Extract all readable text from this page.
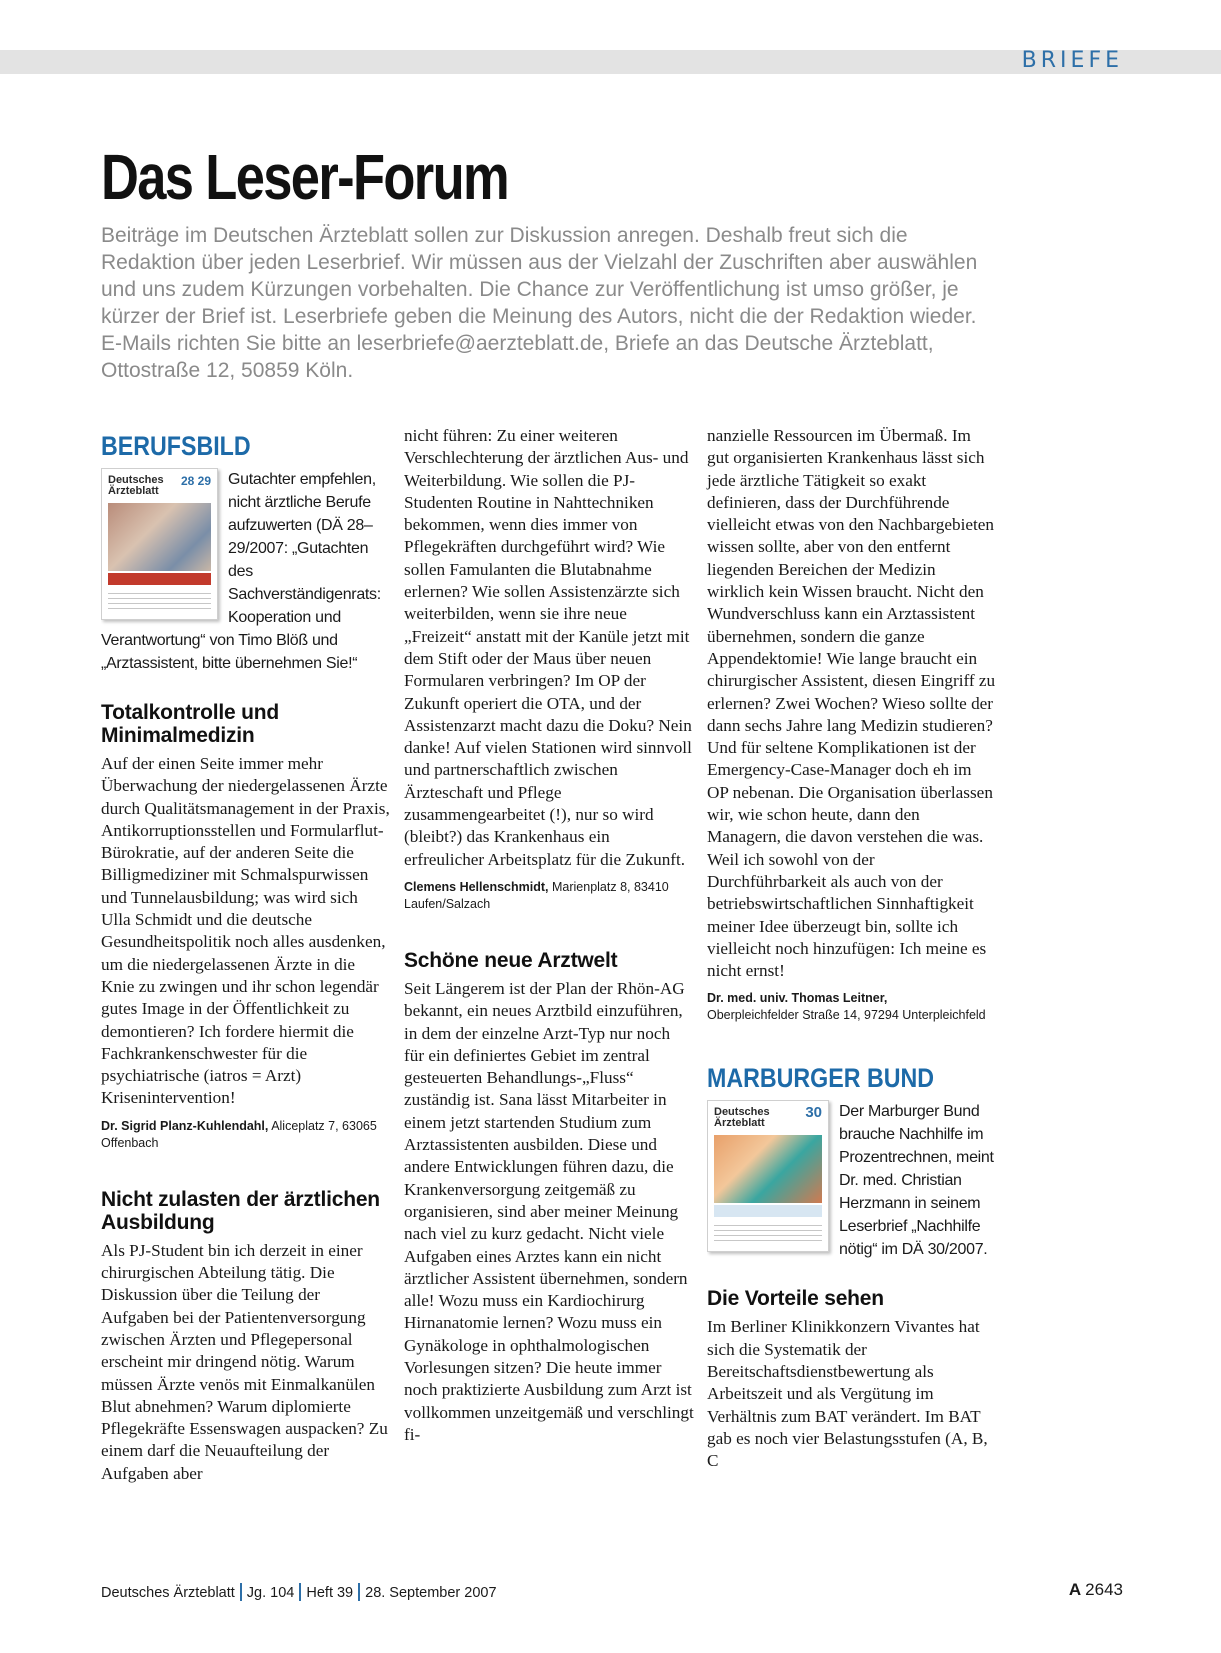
BRIEFE
Das Leser-Forum

Beiträge im Deutschen Ärzteblatt sollen zur Diskussion anregen. Deshalb freut sich die Redaktion über jeden Leserbrief. Wir müssen aus der Vielzahl der Zuschriften aber auswählen und uns zudem Kürzungen vorbehalten. Die Chance zur Veröffentlichung ist umso größer, je kürzer der Brief ist. Leserbriefe geben die Meinung des Autors, nicht die der Redaktion wieder. E-Mails richten Sie bitte an leserbriefe@aerzteblatt.de, Briefe an das Deutsche Ärzteblatt, Ottostraße 12, 50859 Köln.

BERUFSBILD
Deutsches Ärzteblatt
28 29	Gutachter empfehlen, nicht ärztliche Berufe aufzuwerten (DÄ 28–29/2007: „Gutachten des Sachverständigenrats: Kooperation und Verantwortung“ von Timo Blöß und „Arztassistent, bitte übernehmen Sie!“

Totalkontrolle und Minimalmedizin

Auf der einen Seite immer mehr Überwachung der niedergelassenen Ärzte durch Qualitätsmanagement in der Praxis, Antikorruptionsstellen und Formularflut-Bürokratie, auf der anderen Seite die Billigmediziner mit Schmalspurwissen und Tunnelausbildung; was wird sich Ulla Schmidt und die deutsche Gesundheitspolitik noch alles ausdenken, um die niedergelassenen Ärzte in die Knie zu zwingen und ihr schon legendär gutes Image in der Öffentlichkeit zu demontieren? Ich fordere hiermit die Fachkrankenschwester für die psychiatrische (iatros = Arzt) Krisenintervention!

Dr. Sigrid Planz-Kuhlendahl, Aliceplatz 7, 63065 Offenbach

Nicht zulasten der ärztlichen Ausbildung

Als PJ-Student bin ich derzeit in einer chirurgischen Abteilung tätig. Die Diskussion über die Teilung der Aufgaben bei der Patientenversorgung zwischen Ärzten und Pflegepersonal erscheint mir dringend nötig. Warum müssen Ärzte venös mit Einmalkanülen Blut abnehmen? Warum diplomierte Pflegekräfte Essenswagen auspacken? Zu einem darf die Neuaufteilung der Aufgaben aber

nicht führen: Zu einer weiteren Verschlechterung der ärztlichen Aus- und Weiterbildung. Wie sollen die PJ-Studenten Routine in Nahttechniken bekommen, wenn dies immer von Pflegekräften durchgeführt wird? Wie sollen Famulanten die Blutabnahme erlernen? Wie sollen Assistenzärzte sich weiterbilden, wenn sie ihre neue „Freizeit“ anstatt mit der Kanüle jetzt mit dem Stift oder der Maus über neuen Formularen verbringen? Im OP der Zukunft operiert die OTA, und der Assistenzarzt macht dazu die Doku? Nein danke! Auf vielen Stationen wird sinnvoll und partnerschaftlich zwischen Ärzteschaft und Pflege zusammengearbeitet (!), nur so wird (bleibt?) das Krankenhaus ein erfreulicher Arbeitsplatz für die Zukunft.

Clemens Hellenschmidt, Marienplatz 8, 83410 Laufen/Salzach

Schöne neue Arztwelt

Seit Längerem ist der Plan der Rhön-AG bekannt, ein neues Arztbild einzuführen, in dem der einzelne Arzt-Typ nur noch für ein definiertes Gebiet im zentral gesteuerten Behandlungs-„Fluss“ zuständig ist. Sana lässt Mitarbeiter in einem jetzt startenden Studium zum Arztassistenten ausbilden. Diese und andere Entwicklungen führen dazu, die Krankenversorgung zeitgemäß zu organisieren, sind aber meiner Meinung nach viel zu kurz gedacht. Nicht viele Aufgaben eines Arztes kann ein nicht ärztlicher Assistent übernehmen, sondern alle! Wozu muss ein Kardiochirurg Hirnanatomie lernen? Wozu muss ein Gynäkologe in ophthalmologischen Vorlesungen sitzen? Die heute immer noch praktizierte Ausbildung zum Arzt ist vollkommen unzeitgemäß und verschlingt fi-

nanzielle Ressourcen im Übermaß. Im gut organisierten Krankenhaus lässt sich jede ärztliche Tätigkeit so exakt definieren, dass der Durchführende vielleicht etwas von den Nachbargebieten wissen sollte, aber von den entfernt liegenden Bereichen der Medizin wirklich kein Wissen braucht. Nicht den Wundverschluss kann ein Arztassistent übernehmen, sondern die ganze Appendektomie! Wie lange braucht ein chirurgischer Assistent, diesen Eingriff zu erlernen? Zwei Wochen? Wieso sollte der dann sechs Jahre lang Medizin studieren? Und für seltene Komplikationen ist der Emergency-Case-Manager doch eh im OP nebenan. Die Organisation überlassen wir, wie schon heute, dann den Managern, die davon verstehen die was. Weil ich sowohl von der Durchführbarkeit als auch von der betriebswirtschaftlichen Sinnhaftigkeit meiner Idee überzeugt bin, sollte ich vielleicht noch hinzufügen: Ich meine es nicht ernst!

Dr. med. univ. Thomas Leitner,
Oberpleichfelder Straße 14, 97294 Unterpleichfeld

MARBURGER BUND
Deutsches Ärzteblatt
30	Der Marburger Bund brauche Nachhilfe im Prozentrechnen, meint Dr. med. Christian Herzmann in seinem Leserbrief „Nachhilfe nötig“ im DÄ 30/2007.

Die Vorteile sehen

Im Berliner Klinikkonzern Vivantes hat sich die Systematik der Bereitschaftsdienstbewertung als Arbeitszeit und als Vergütung im Verhältnis zum BAT verändert. Im BAT gab es noch vier Belastungsstufen (A, B, C

Deutsches Ärzteblatt Jg. 104 Heft 39 28. September 2007	A 2643
